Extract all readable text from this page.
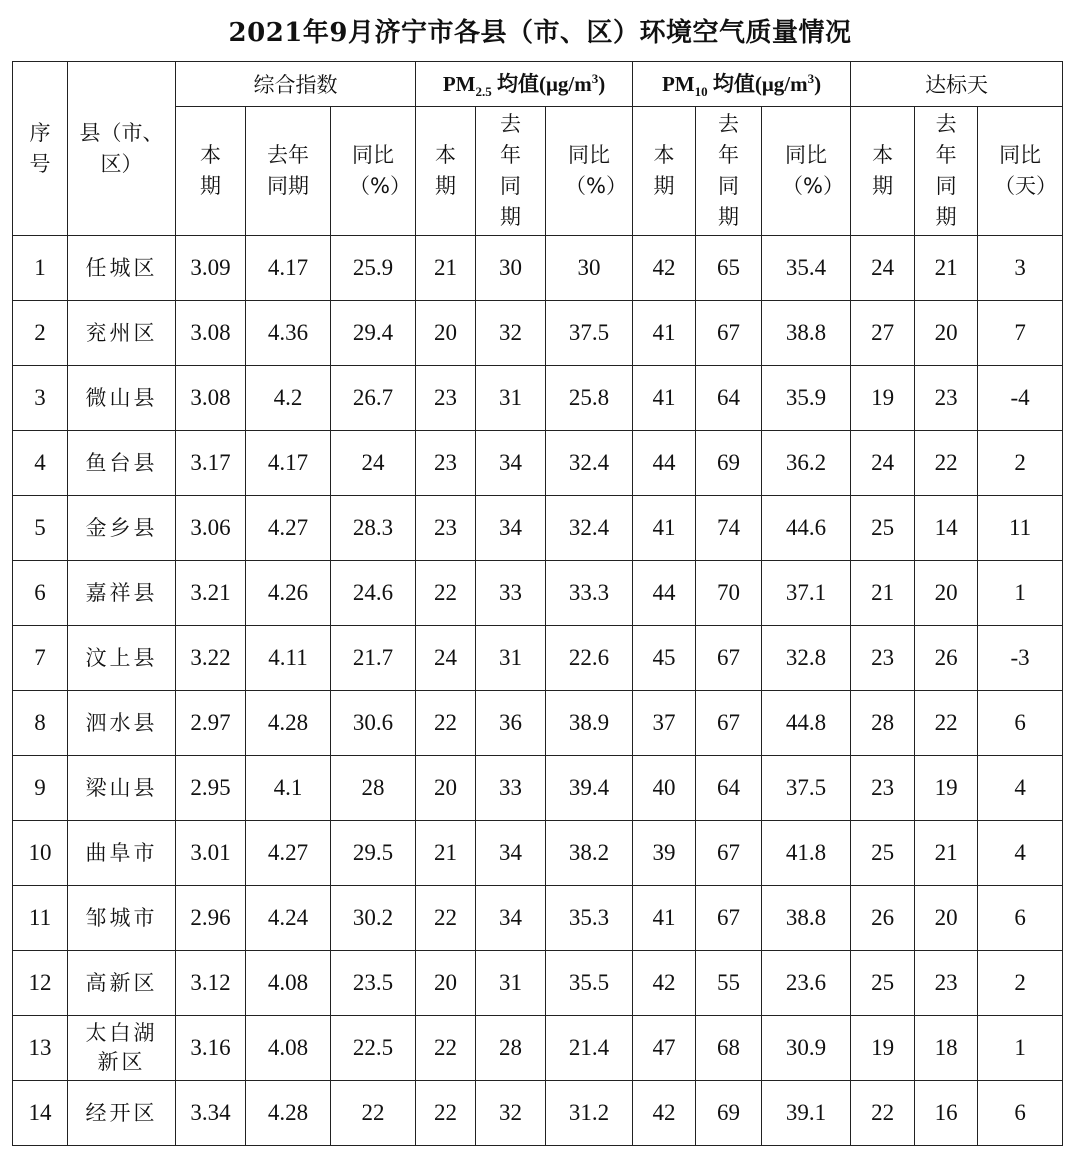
2021年9月济宁市各县（市、区）环境空气质量情况
序号	县（市、区）	综合指数			$PM_{2.5}$ 均值$(\mu g/m^3)$			$PM_{10}$ 均值$(\mu g/m^3)$			达标天		
		本期	去年同期	同比（%）	本期	去年同期	同比（%）	本期	去年同期	同比（%）	本期	去年同期	同比（天）
1	任城区	3.09	4.17	25.9	21	30	30	42	65	35.4	24	21	3
2	兖州区	3.08	4.36	29.4	20	32	37.5	41	67	38.8	27	20	7
3	微山县	3.08	4.2	26.7	23	31	25.8	41	64	35.9	19	23	-4
4	鱼台县	3.17	4.17	24	23	34	32.4	44	69	36.2	24	22	2
5	金乡县	3.06	4.27	28.3	23	34	32.4	41	74	44.6	25	14	11
6	嘉祥县	3.21	4.26	24.6	22	33	33.3	44	70	37.1	21	20	1
7	汶上县	3.22	4.11	21.7	24	31	22.6	45	67	32.8	23	26	-3
8	泗水县	2.97	4.28	30.6	22	36	38.9	37	67	44.8	28	22	6
9	梁山县	2.95	4.1	28	20	33	39.4	40	64	37.5	23	19	4
10	曲阜市	3.01	4.27	29.5	21	34	38.2	39	67	41.8	25	21	4
11	邹城市	2.96	4.24	30.2	22	34	35.3	41	67	38.8	26	20	6
12	高新区	3.12	4.08	23.5	20	31	35.5	42	55	23.6	25	23	2
13	太白湖新区	3.16	4.08	22.5	22	28	21.4	47	68	30.9	19	18	1
14	经开区	3.34	4.28	22	22	32	31.2	42	69	39.1	22	16	6
